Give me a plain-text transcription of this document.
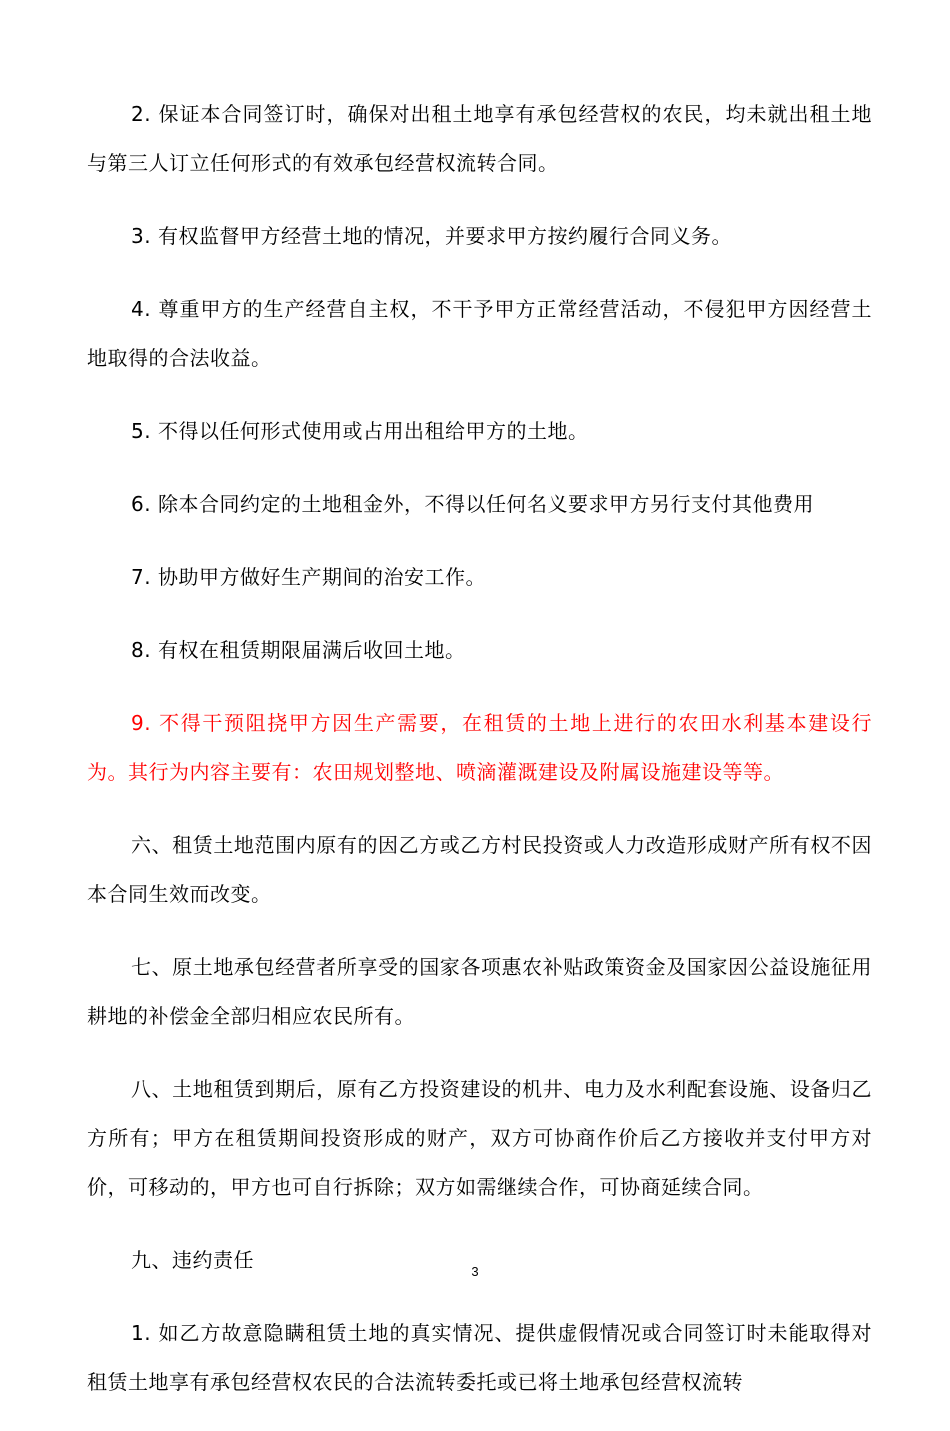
2. 保证本合同签订时，确保对出租土地享有承包经营权的农民，均未就出租土地与第三人订立任何形式的有效承包经营权流转合同。

3. 有权监督甲方经营土地的情况，并要求甲方按约履行合同义务。

4. 尊重甲方的生产经营自主权，不干予甲方正常经营活动，不侵犯甲方因经营土地取得的合法收益。

5. 不得以任何形式使用或占用出租给甲方的土地。

6. 除本合同约定的土地租金外，不得以任何名义要求甲方另行支付其他费用

7. 协助甲方做好生产期间的治安工作。

8. 有权在租赁期限届满后收回土地。

9. 不得干预阻挠甲方因生产需要，在租赁的土地上进行的农田水利基本建设行为。其行为内容主要有：农田规划整地、喷滴灌溉建设及附属设施建设等等。

六、租赁土地范围内原有的因乙方或乙方村民投资或人力改造形成财产所有权不因本合同生效而改变。

七、原土地承包经营者所享受的国家各项惠农补贴政策资金及国家因公益设施征用耕地的补偿金全部归相应农民所有。

八、土地租赁到期后，原有乙方投资建设的机井、电力及水利配套设施、设备归乙方所有；甲方在租赁期间投资形成的财产，双方可协商作价后乙方接收并支付甲方对价，可移动的，甲方也可自行拆除；双方如需继续合作，可协商延续合同。

九、违约责任

1. 如乙方故意隐瞒租赁土地的真实情况、提供虚假情况或合同签订时未能取得对租赁土地享有承包经营权农民的合法流转委托或已将土地承包经营权流转

3
